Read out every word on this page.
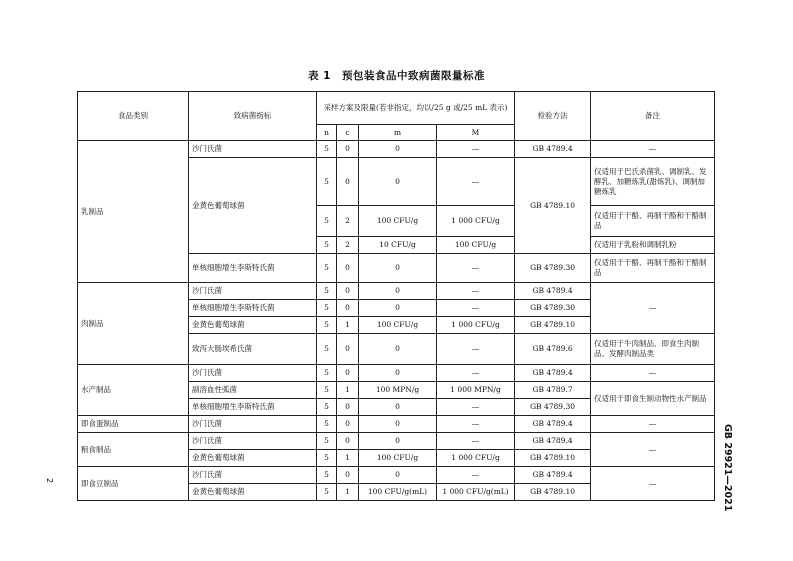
表 1　预包装食品中致病菌限量标准
食品类别	致病菌指标	采样方案及限量(若非指定，均以/25 g 或/25 mL 表示)				检验方法	备注
		n	c	m	M		
乳制品	沙门氏菌	5	0	0	—	GB 4789.4	—
	金黄色葡萄球菌	5	0	0	—	GB 4789.10	仅适用于巴氏杀菌乳、调制乳、发酵乳、加糖炼乳(甜炼乳)、调制加糖炼乳
		5	2	100 CFU/g	1 000 CFU/g		仅适用于干酪、再制干酪和干酪制品
		5	2	10 CFU/g	100 CFU/g		仅适用于乳粉和调制乳粉
	单核细胞增生李斯特氏菌	5	0	0	—	GB 4789.30	仅适用于干酪、再制干酪和干酪制品
肉制品	沙门氏菌	5	0	0	—	GB 4789.4	—
	单核细胞增生李斯特氏菌	5	0	0	—	GB 4789.30	
	金黄色葡萄球菌	5	1	100 CFU/g	1 000 CFU/g	GB 4789.10	
	致泻大肠埃希氏菌	5	0	0	—	GB 4789.6	仅适用于牛肉制品、即食生肉制品、发酵肉制品类
水产制品	沙门氏菌	5	0	0	—	GB 4789.4	—
	副溶血性弧菌	5	1	100 MPN/g	1 000 MPN/g	GB 4789.7	仅适用于即食生制动物性水产制品
	单核细胞增生李斯特氏菌	5	0	0	—	GB 4789.30	
即食蛋制品	沙门氏菌	5	0	0	—	GB 4789.4	—
粮食制品	沙门氏菌	5	0	0	—	GB 4789.4	—
	金黄色葡萄球菌	5	1	100 CFU/g	1 000 CFU/g	GB 4789.10	
即食豆制品	沙门氏菌	5	0	0	—	GB 4789.4	—
	金黄色葡萄球菌	5	1	100 CFU/g(mL)	1 000 CFU/g(mL)	GB 4789.10	
2	GB 29921—2021
